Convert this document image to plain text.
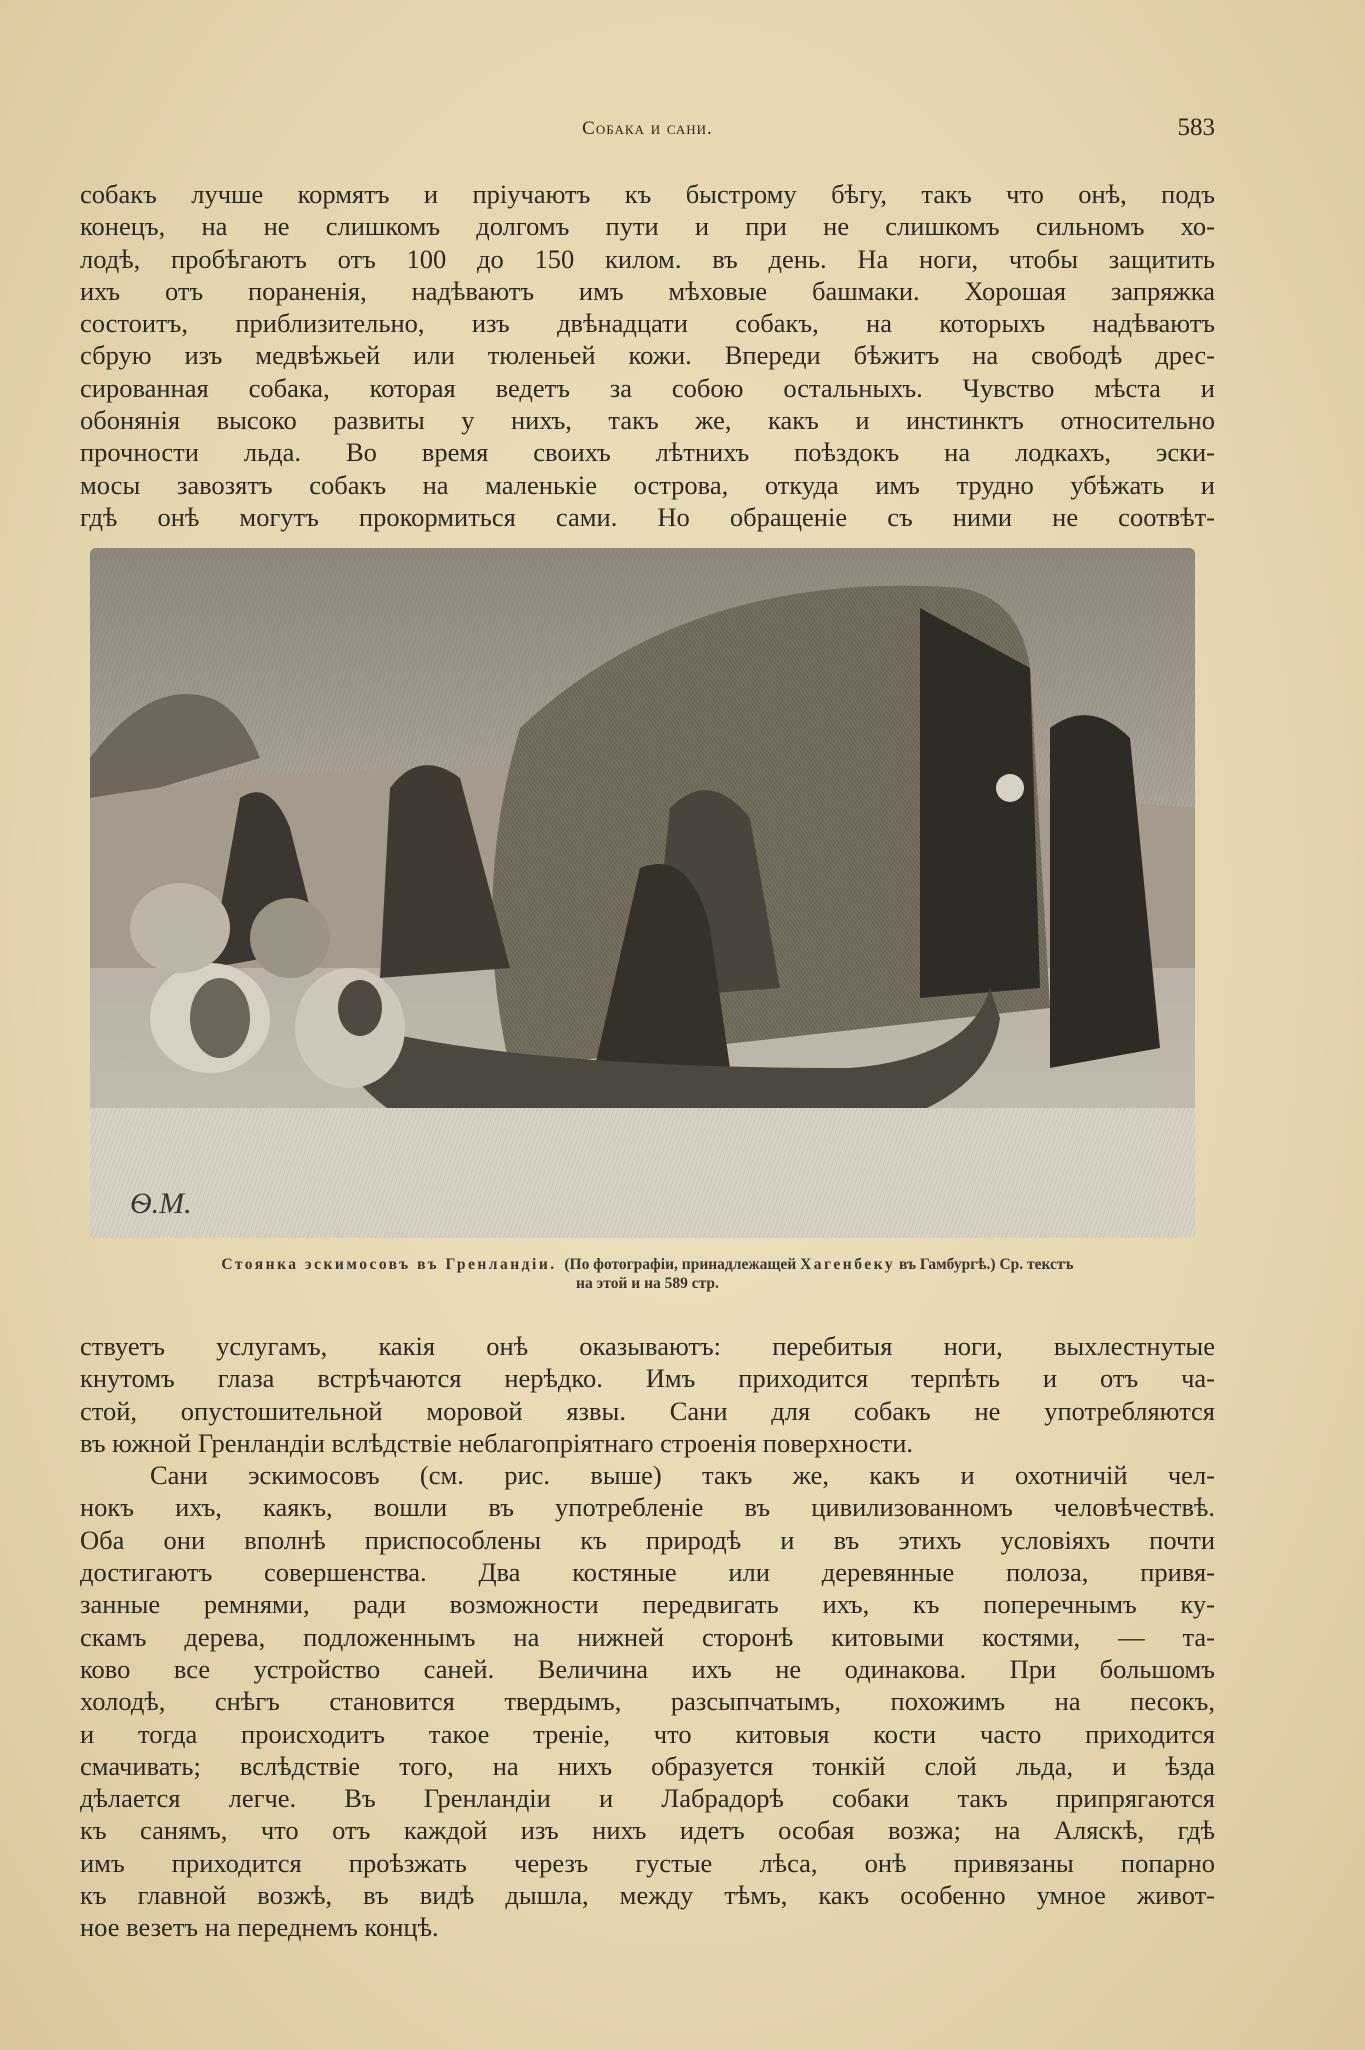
Собака и сани.	583
собакъ лучше кормятъ и пріучаютъ къ быстрому бѣгу, такъ что онѣ, подъ
конецъ, на не слишкомъ долгомъ пути и при не слишкомъ сильномъ хо-
лодѣ, пробѣгаютъ отъ 100 до 150 килом. въ день. На ноги, чтобы защитить
ихъ отъ пораненія, надѣваютъ имъ мѣховые башмаки. Хорошая запряжка
состоитъ, приблизительно, изъ двѣнадцати собакъ, на которыхъ надѣваютъ
сбрую изъ медвѣжьей или тюленьей кожи. Впереди бѣжитъ на свободѣ дрес-
сированная собака, которая ведетъ за собою остальныхъ. Чувство мѣста и
обонянія высоко развиты у нихъ, такъ же, какъ и инстинктъ относительно
прочности льда. Во время своихъ лѣтнихъ поѣздокъ на лодкахъ, эски-
мосы завозятъ собакъ на маленькіе острова, откуда имъ трудно убѣжать и
гдѣ онѣ могутъ прокормиться сами. Но обращеніе съ ними не соотвѣт-
Ѳ.М.
Стоянка эскимосовъ въ Гренландіи. (По фотографіи, принадлежащей Хагенбеку въ Гамбургѣ.) Ср. текстъ
на этой и на 589 стр.

ствуетъ услугамъ, какія онѣ оказываютъ: перебитыя ноги, выхлестнутые
кнутомъ глаза встрѣчаются нерѣдко. Имъ приходится терпѣть и отъ ча-
стой, опустошительной моровой язвы. Сани для собакъ не употребляются
въ южной Гренландіи вслѣдствіе неблагопріятнаго строенія поверхности.

Сани эскимосовъ (см. рис. выше) такъ же, какъ и охотничій чел-
нокъ ихъ, каякъ, вошли въ употребленіе въ цивилизованномъ человѣчествѣ.
Оба они вполнѣ приспособлены къ природѣ и въ этихъ условіяхъ почти
достигаютъ совершенства. Два костяные или деревянные полоза, привя-
занные ремнями, ради возможности передвигать ихъ, къ поперечнымъ ку-
скамъ дерева, подложеннымъ на нижней сторонѣ китовыми костями, — та-
ково все устройство саней. Величина ихъ не одинакова. При большомъ
холодѣ, снѣгъ становится твердымъ, разсыпчатымъ, похожимъ на песокъ,
и тогда происходитъ такое треніе, что китовыя кости часто приходится
смачивать; вслѣдствіе того, на нихъ образуется тонкій слой льда, и ѣзда
дѣлается легче. Въ Гренландіи и Лабрадорѣ собаки такъ припрягаются
къ санямъ, что отъ каждой изъ нихъ идетъ особая возжа; на Аляскѣ, гдѣ
имъ приходится проѣзжать черезъ густые лѣса, онѣ привязаны попарно
къ главной возжѣ, въ видѣ дышла, между тѣмъ, какъ особенно умное живот-
ное везетъ на переднемъ концѣ.
